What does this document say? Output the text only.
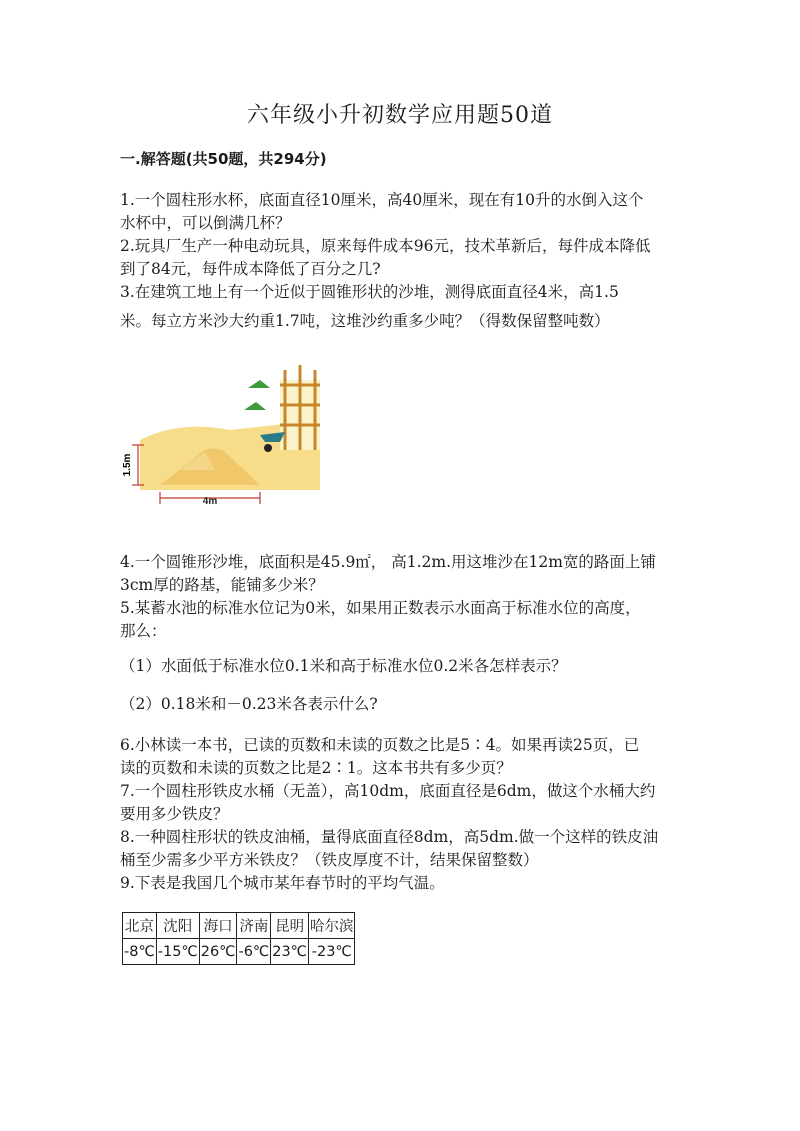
六年级小升初数学应用题50道
一.解答题(共50题，共294分)
1.一个圆柱形水杯，底面直径10厘米，高40厘米，现在有10升的水倒入这个
水杯中，可以倒满几杯？
2.玩具厂生产一种电动玩具，原来每件成本96元，技术革新后，每件成本降低
到了84元，每件成本降低了百分之几?
3.在建筑工地上有一个近似于圆锥形状的沙堆，测得底面直径4米，高1.5
米。每立方米沙大约重1.7吨，这堆沙约重多少吨？（得数保留整吨数）
1.5m
4m
4.一个圆锥形沙堆，底面积是45.9㎡， 高1.2m.用这堆沙在12m宽的路面上铺
3cm厚的路基，能铺多少米？
5.某蓄水池的标准水位记为0米，如果用正数表示水面高于标准水位的高度，
那么：
（1）水面低于标准水位0.1米和高于标准水位0.2米各怎样表示？
（2）0.18米和－0.23米各表示什么?
6.小林读一本书，已读的页数和未读的页数之比是5∶4。如果再读25页，已
读的页数和未读的页数之比是2∶1。这本书共有多少页？
7.一个圆柱形铁皮水桶（无盖），高10dm，底面直径是6dm，做这个水桶大约
要用多少铁皮？
8.一种圆柱形状的铁皮油桶，量得底面直径8dm，高5dm.做一个这样的铁皮油
桶至少需多少平方米铁皮？（铁皮厚度不计，结果保留整数）
9.下表是我国几个城市某年春节时的平均气温。
北京	沈阳	海口	济南	昆明	哈尔滨
-8℃	-15℃	26℃	-6℃	23℃	-23℃
